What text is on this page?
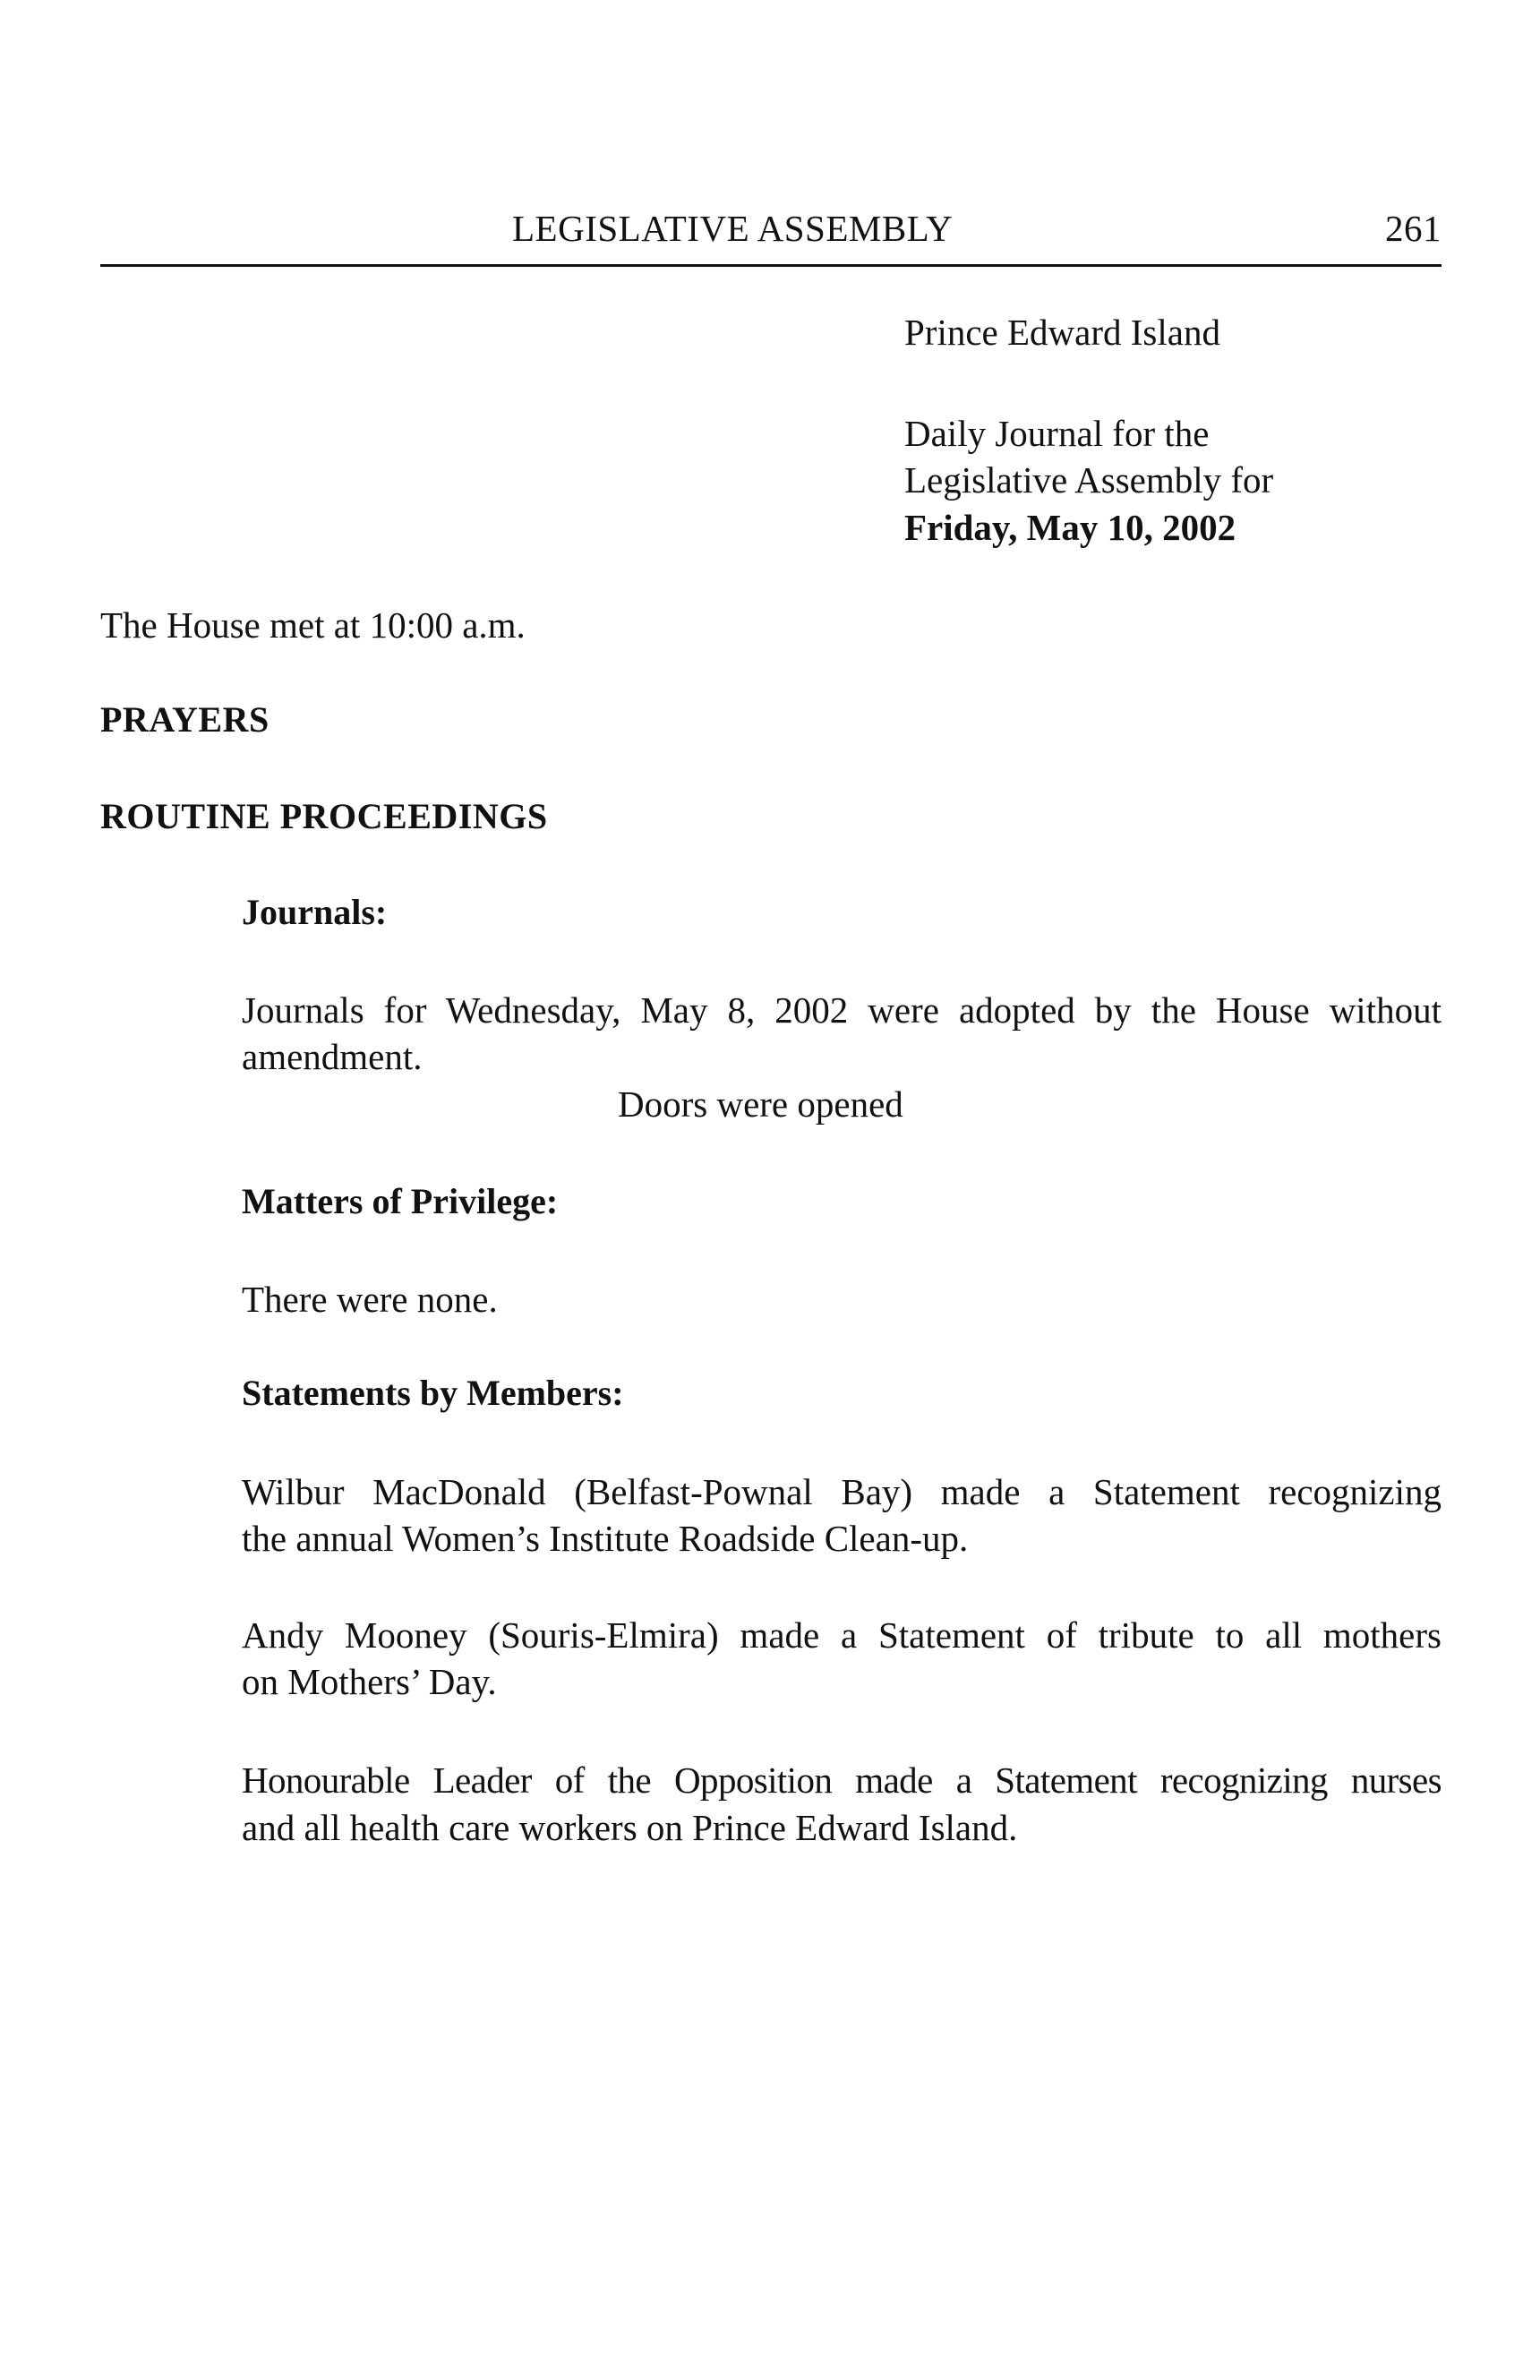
LEGISLATIVE ASSEMBLY	261
Prince Edward Island
Daily Journal for the
Legislative Assembly for
Friday, May 10, 2002
The House met at 10:00 a.m.
PRAYERS
ROUTINE PROCEEDINGS
Journals:
Journals for Wednesday, May 8, 2002 were adopted by the House without
amendment.
Doors were opened
Matters of Privilege:
There were none.
Statements by Members:
Wilbur MacDonald (Belfast-Pownal Bay) made a Statement recognizing
the annual Women’s Institute Roadside Clean-up.
Andy Mooney (Souris-Elmira) made a Statement of tribute to all mothers
on Mothers’ Day.
Honourable Leader of the Opposition made a Statement recognizing nurses
and all health care workers on Prince Edward Island.
